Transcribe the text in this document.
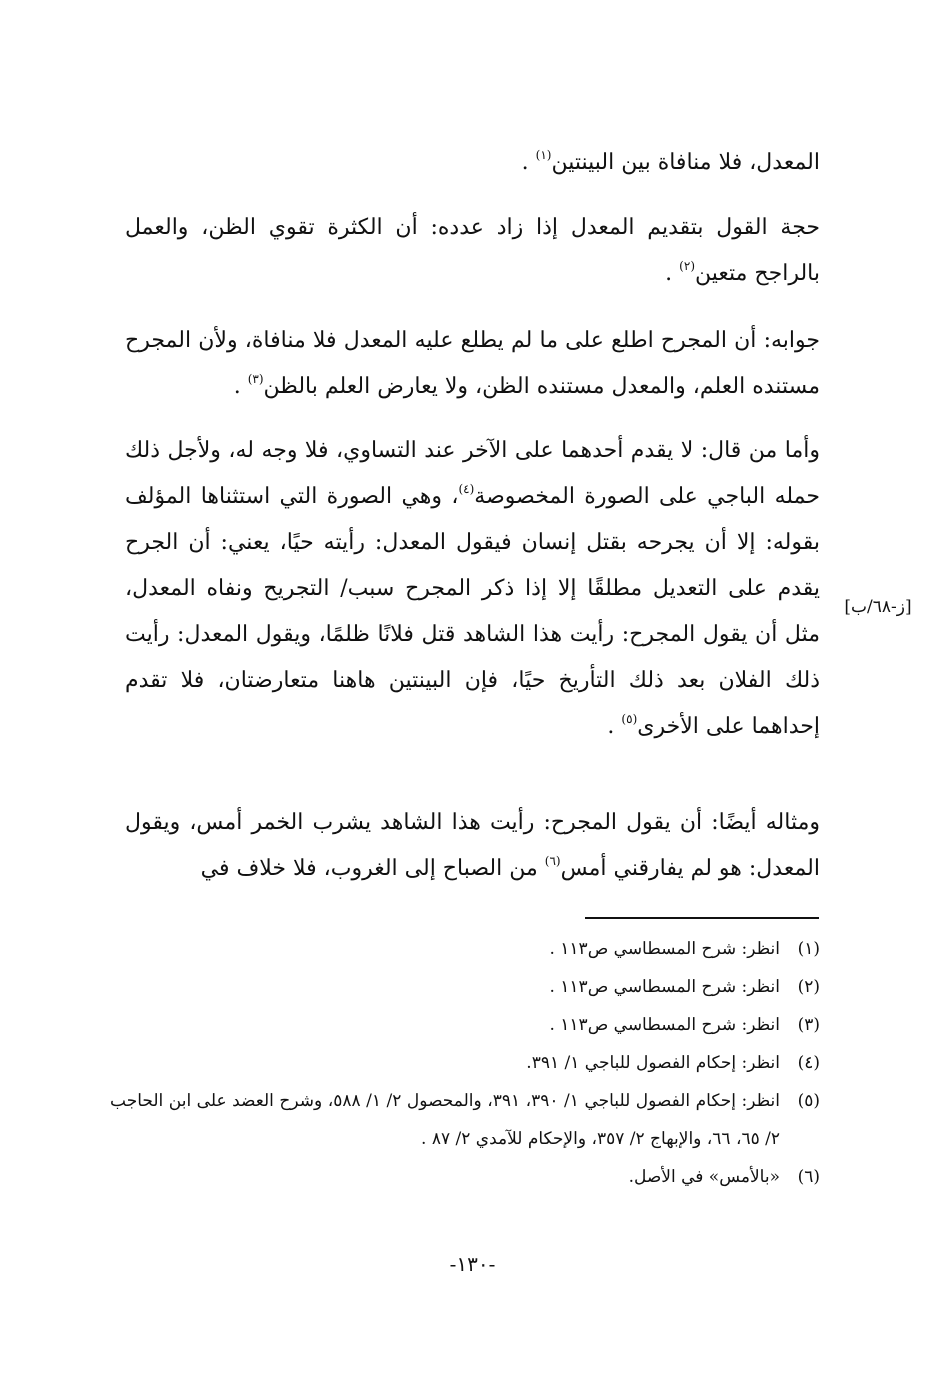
المعدل، فلا منافاة بين البينتين$^{(١)}$ .

حجة القول بتقديم المعدل إذا زاد عدده: أن الكثرة تقوي الظن، والعمل بالراجح متعين$^{(٢)}$ .

جوابه: أن المجرح اطلع على ما لم يطلع عليه المعدل فلا منافاة، ولأن المجرح مستنده العلم، والمعدل مستنده الظن، ولا يعارض العلم بالظن$^{(٣)}$ .

وأما من قال: لا يقدم أحدهما على الآخر عند التساوي، فلا وجه له، ولأجل ذلك حمله الباجي على الصورة المخصوصة$^{(٤)}$، وهي الصورة التي استثناها المؤلف بقوله: إلا أن يجرحه بقتل إنسان فيقول المعدل: رأيته حيًا، يعني: أن الجرح يقدم على التعديل مطلقًا إلا إذا ذكر المجرح سبب/ التجريح ونفاه المعدل، مثل أن يقول المجرح: رأيت هذا الشاهد قتل فلانًا ظلمًا، ويقول المعدل: رأيت ذلك الفلان بعد ذلك التأريخ حيًا، فإن البينتين هاهنا متعارضتان، فلا تقدم إحداهما على الأخرى$^{(٥)}$ .

[ز-٦٨/ب]

ومثاله أيضًا: أن يقول المجرح: رأيت هذا الشاهد يشرب الخمر أمس، ويقول المعدل: هو لم يفارقني أمس$^{(٦)}$ من الصباح إلى الغروب، فلا خلاف في

(١)
انظر: شرح المسطاسي ص١١٣ .
(٢)
انظر: شرح المسطاسي ص١١٣ .
(٣)
انظر: شرح المسطاسي ص١١٣ .
(٤)
انظر: إحكام الفصول للباجي ١/ ٣٩١.
(٥)
انظر: إحكام الفصول للباجي ١/ ٣٩٠، ٣٩١، والمحصول ٢/ ١/ ٥٨٨، وشرح العضد على ابن الحاجب ٢/ ٦٥، ٦٦، والإبهاج ٢/ ٣٥٧، والإحكام للآمدي ٢/ ٨٧ .
(٦)
«بالأمس» في الأصل.
-١٣٠-
